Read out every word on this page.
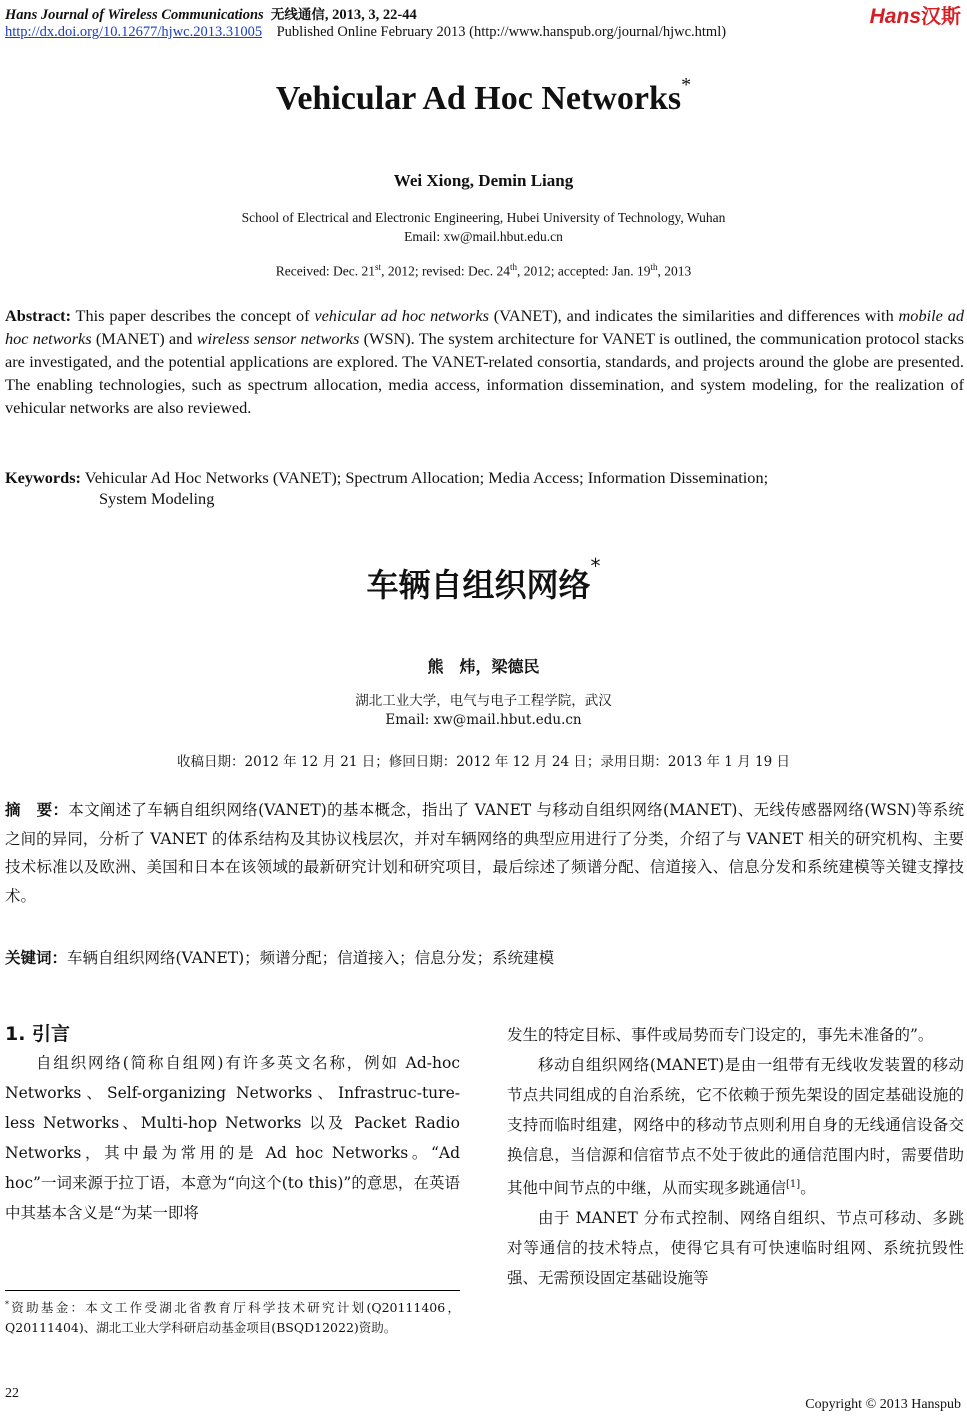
Hans Journal of Wireless Communications 无线通信, 2013, 3, 22-44
http://dx.doi.org/10.12677/hjwc.2013.31005 Published Online February 2013 (http://www.hanspub.org/journal/hjwc.html)
Hans汉斯
Vehicular Ad Hoc Networks*
Wei Xiong, Demin Liang
School of Electrical and Electronic Engineering, Hubei University of Technology, Wuhan
Email: xw@mail.hbut.edu.cn
Received: Dec. 21st, 2012; revised: Dec. 24th, 2012; accepted: Jan. 19th, 2013
Abstract: This paper describes the concept of vehicular ad hoc networks (VANET), and indicates the similarities and differences with mobile ad hoc networks (MANET) and wireless sensor networks (WSN). The system architecture for VANET is outlined, the communication protocol stacks are investigated, and the potential applications are explored. The VANET-related consortia, standards, and projects around the globe are presented. The enabling technologies, such as spectrum allocation, media access, information dissemination, and system modeling, for the realization of vehicular networks are also reviewed.
Keywords: Vehicular Ad Hoc Networks (VANET); Spectrum Allocation; Media Access; Information Dissemination;
System Modeling
车辆自组织网络*
熊　炜，梁德民
湖北工业大学，电气与电子工程学院，武汉
Email: xw@mail.hbut.edu.cn
收稿日期：2012 年 12 月 21 日；修回日期：2012 年 12 月 24 日；录用日期：2013 年 1 月 19 日
摘　要：本文阐述了车辆自组织网络(VANET)的基本概念，指出了 VANET 与移动自组织网络(MANET)、无线传感器网络(WSN)等系统之间的异同，分析了 VANET 的体系结构及其协议栈层次，并对车辆网络的典型应用进行了分类，介绍了与 VANET 相关的研究机构、主要技术标准以及欧洲、美国和日本在该领域的最新研究计划和研究项目，最后综述了频谱分配、信道接入、信息分发和系统建模等关键支撑技术。
关键词：车辆自组织网络(VANET)；频谱分配；信道接入；信息分发；系统建模
1. 引言

自组织网络(简称自组网)有许多英文名称，例如 Ad-hoc Networks、Self-organizing Networks、Infrastruc-ture-less Networks、Multi-hop Networks 以及 Packet Radio Networks，其中最为常用的是 Ad hoc Networks。“Ad hoc”一词来源于拉丁语，本意为“向这个(to this)”的意思，在英语中其基本含义是“为某一即将

发生的特定目标、事件或局势而专门设定的，事先未准备的”。

移动自组织网络(MANET)是由一组带有无线收发装置的移动节点共同组成的自治系统，它不依赖于预先架设的固定基础设施的支持而临时组建，网络中的移动节点则利用自身的无线通信设备交换信息，当信源和信宿节点不处于彼此的通信范围内时，需要借助其他中间节点的中继，从而实现多跳通信[1]。

由于 MANET 分布式控制、网络自组织、节点可移动、多跳对等通信的技术特点，使得它具有可快速临时组网、系统抗毁性强、无需预设固定基础设施等

*资助基金：本文工作受湖北省教育厅科学技术研究计划(Q20111406，Q20111404)、湖北工业大学科研启动基金项目(BSQD12022)资助。
22
Copyright © 2013 Hanspub
